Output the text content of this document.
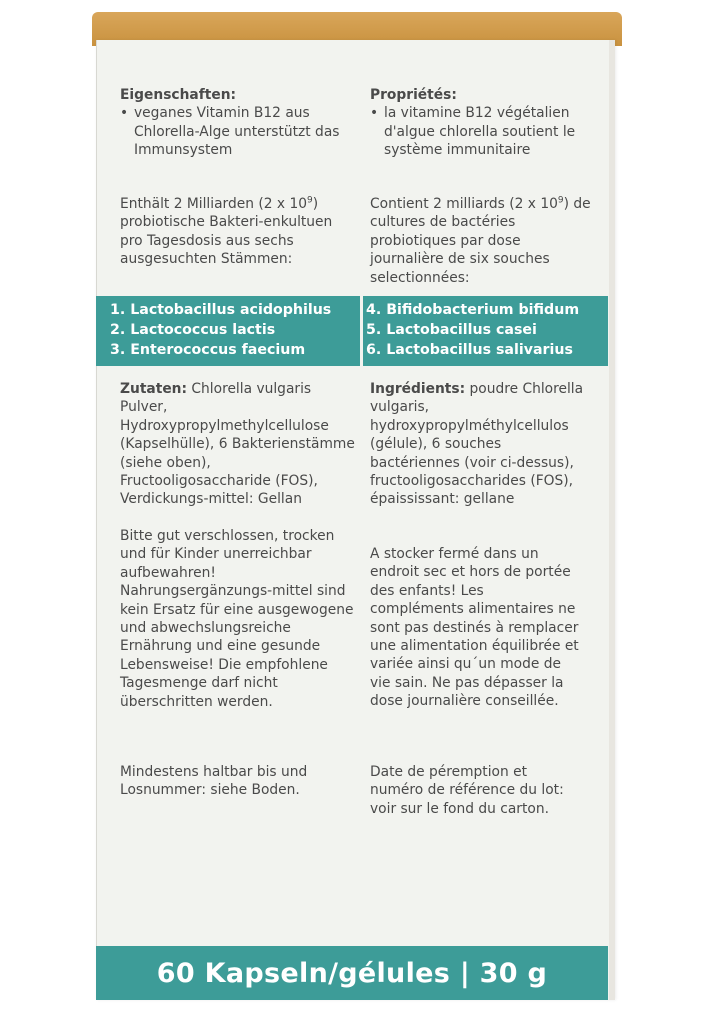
Eigenschaften:

• veganes Vitamin B12 aus Chlorella-Alge unterstützt das Immunsystem

Enthält 2 Milliarden (2 x $10^9$) probiotische Bakteri-enkultuen pro Tagesdosis aus sechs ausgesuchten Stämmen:

Zutaten: Chlorella vulgaris Pulver, Hydroxypropylmethylcellulose (Kapselhülle), 6 Bakterienstämme (siehe oben), Fructooligosaccharide (FOS), Verdickungs-mittel: Gellan

Bitte gut verschlossen, trocken und für Kinder unerreichbar aufbewahren! Nahrungsergänzungs-mittel sind kein Ersatz für eine ausgewogene und abwechslungsreiche Ernährung und eine gesunde Lebensweise! Die empfohlene Tagesmenge darf nicht überschritten werden.

Mindestens haltbar bis und Losnummer: siehe Boden.

Propriétés:

• la vitamine B12 végétalien d'algue chlorella soutient le système immunitaire

Contient 2 milliards (2 x $10^9$) de cultures de bactéries probiotiques par dose journalière de six souches selectionnées:

Ingrédients: poudre Chlorella vulgaris, hydroxypropylméthylcellulos (gélule), 6 souches bactériennes (voir ci-dessus), fructooligosaccharides (FOS), épaississant: gellane

A stocker fermé dans un endroit sec et hors de portée des enfants! Les compléments alimentaires ne sont pas destinés à remplacer une alimentation équilibrée et variée ainsi qu´un mode de vie sain. Ne pas dépasser la dose journalière conseillée.

Date de péremption et numéro de référence du lot: voir sur le fond du carton.

1. Lactobacillus acidophilus
2. Lactococcus lactis
3. Enterococcus faecium
4. Bifidobacterium bifidum
5. Lactobacillus casei
6. Lactobacillus salivarius
60 Kapseln/gélules | 30 g
